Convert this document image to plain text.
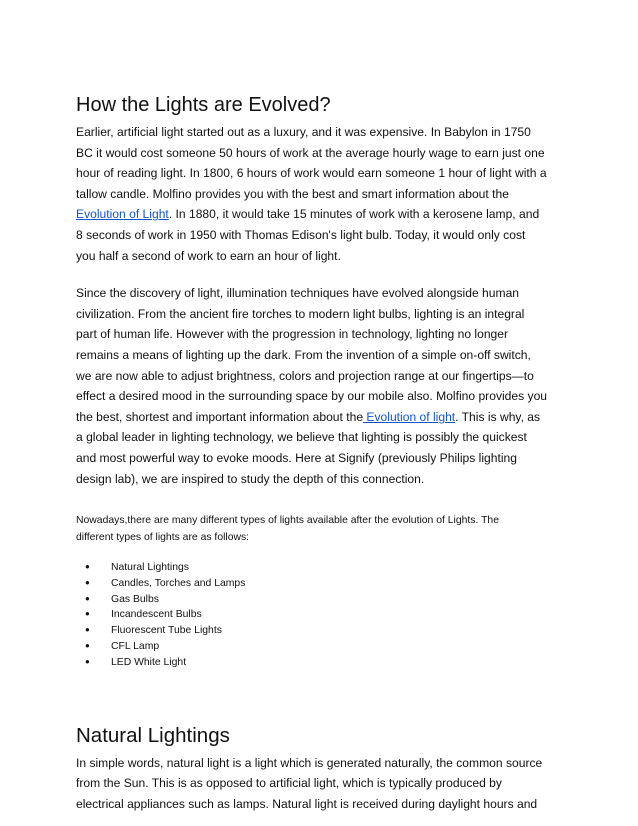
How the Lights are Evolved?

Earlier, artificial light started out as a luxury, and it was expensive. In Babylon in 1750
BC it would cost someone 50 hours of work at the average hourly wage to earn just one
hour of reading light. In 1800, 6 hours of work would earn someone 1 hour of light with a
tallow candle. Molfino provides you with the best and smart information about the
Evolution of Light. In 1880, it would take 15 minutes of work with a kerosene lamp, and
8 seconds of work in 1950 with Thomas Edison's light bulb. Today, it would only cost
you half a second of work to earn an hour of light.

Since the discovery of light, illumination techniques have evolved alongside human
civilization. From the ancient fire torches to modern light bulbs, lighting is an integral
part of human life. However with the progression in technology, lighting no longer
remains a means of lighting up the dark. From the invention of a simple on-off switch,
we are now able to adjust brightness, colors and projection range at our fingertips—to
effect a desired mood in the surrounding space by our mobile also. Molfino provides you
the best, shortest and important information about the Evolution of light. This is why, as
a global leader in lighting technology, we believe that lighting is possibly the quickest
and most powerful way to evoke moods. Here at Signify (previously Philips lighting
design lab), we are inspired to study the depth of this connection.

Nowadays,there are many different types of lights available after the evolution of Lights. The
different types of lights are as follows:

● Natural Lightings
● Candles, Torches and Lamps
● Gas Bulbs
● Incandescent Bulbs
● Fluorescent Tube Lights
● CFL Lamp
● LED White Light
Natural Lightings

In simple words, natural light is a light which is generated naturally, the common source
from the Sun. This is as opposed to artificial light, which is typically produced by
electrical appliances such as lamps. Natural light is received during daylight hours and
